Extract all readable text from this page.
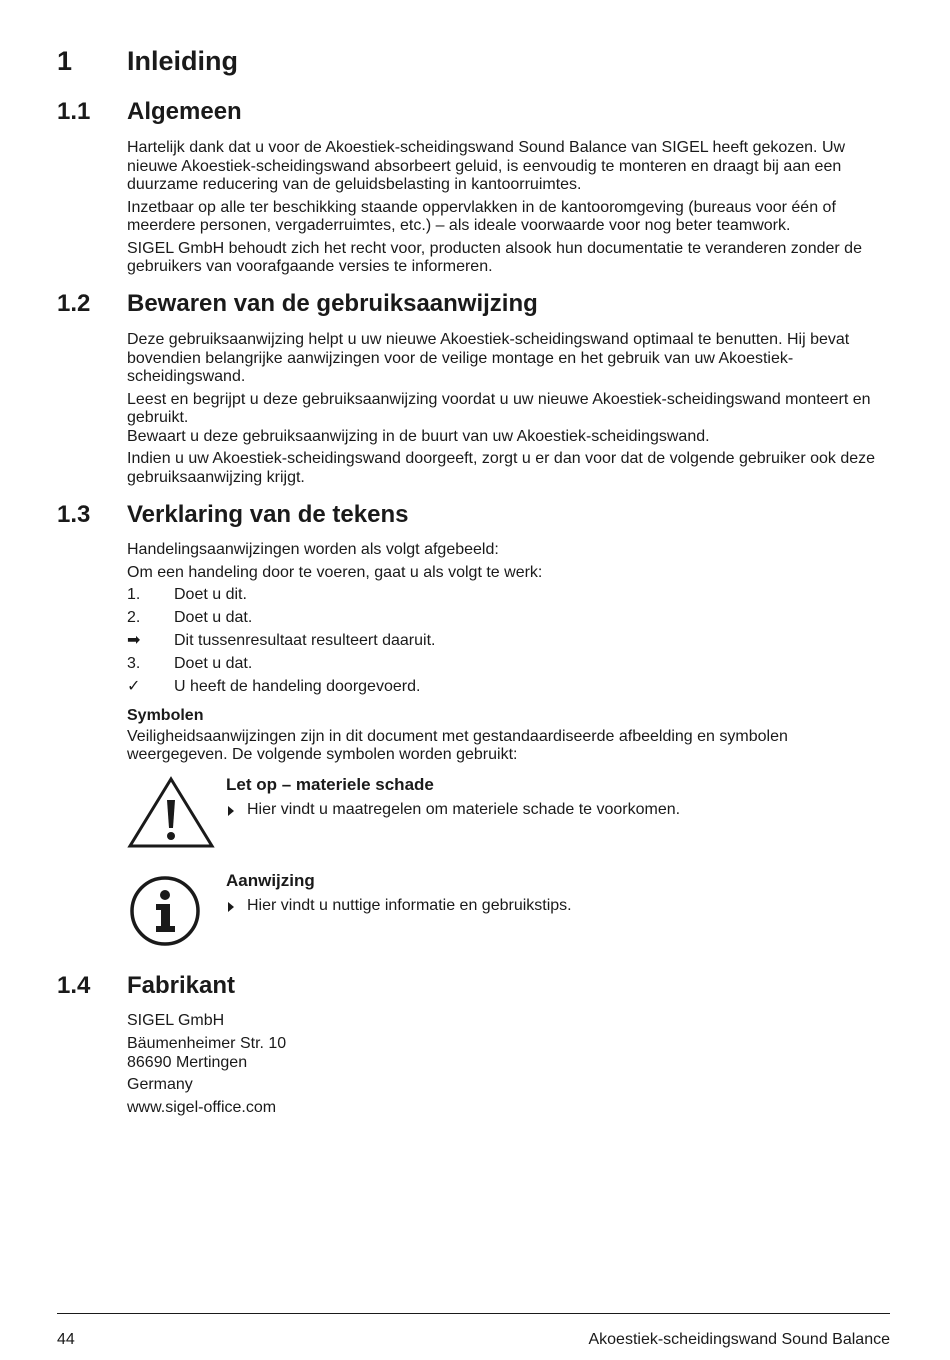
1 Inleiding
1.1 Algemeen

Hartelijk dank dat u voor de Akoestiek-scheidingswand Sound Balance van SIGEL heeft gekozen. Uw nieuwe Akoestiek-scheidingswand absorbeert geluid, is eenvoudig te monteren en draagt bij aan een duurzame reducering van de geluidsbelasting in kantoorruimtes.

Inzetbaar op alle ter beschikking staande oppervlakken in de kantooromgeving (bureaus voor één of meerdere personen, vergaderruimtes, etc.) – als ideale voorwaarde voor nog beter teamwork.

SIGEL GmbH behoudt zich het recht voor, producten alsook hun documentatie te veranderen zonder de gebruikers van voorafgaande versies te informeren.

1.2 Bewaren van de gebruiksaanwijzing

Deze gebruiksaanwijzing helpt u uw nieuwe Akoestiek-scheidingswand optimaal te benutten. Hij bevat bovendien belangrijke aanwijzingen voor de veilige montage en het gebruik van uw Akoestiek-scheidingswand.

Leest en begrijpt u deze gebruiksaanwijzing voordat u uw nieuwe Akoestiek-scheidingswand monteert en gebruikt.

Bewaart u deze gebruiksaanwijzing in de buurt van uw Akoestiek-scheidingswand.

Indien u uw Akoestiek-scheidingswand doorgeeft, zorgt u er dan voor dat de volgende gebruiker ook deze gebruiksaanwijzing krijgt.

1.3 Verklaring van de tekens

Handelingsaanwijzingen worden als volgt afgebeeld:

Om een handeling door te voeren, gaat u als volgt te werk:

1. Doet u dit.
2. Doet u dat.
➡ Dit tussenresultaat resulteert daaruit.
3. Doet u dat.
✓ U heeft de handeling doorgevoerd.
Symbolen

Veiligheidsaanwijzingen zijn in dit document met gestandaardiseerde afbeelding en symbolen weergegeven. De volgende symbolen worden gebruikt:

Let op – materiele schade
Hier vindt u maatregelen om materiele schade te voorkomen.
Aanwijzing
Hier vindt u nuttige informatie en gebruikstips.
1.4 Fabrikant
SIGEL GmbH
Bäumenheimer Str. 10
86690 Mertingen
Germany
www.sigel-office.com
44	Akoestiek-scheidingswand Sound Balance
